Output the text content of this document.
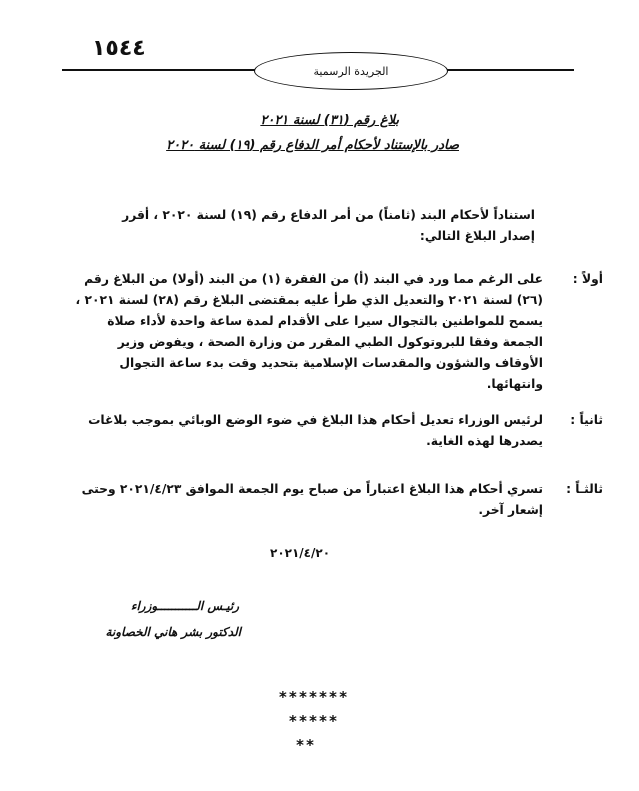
١٥٤٤
الجريدة الرسمية
بلاغ رقم (٣١) لسنة ٢٠٢١
صادر بالإستناد لأحكام أمر الدفاع رقم (١٩) لسنة ٢٠٢٠
استناداً لأحكام البند (ثامناً) من أمر الدفاع رقم (١٩) لسنة ٢٠٢٠ ، أقرر إصدار البلاغ التالي:
أولاً :
على الرغم مما ورد في البند (أ) من الفقرة (١) من البند (أولا) من البلاغ رقم (٢٦) لسنة ٢٠٢١ والتعديل الذي طرأ عليه بمقتضى البلاغ رقم (٢٨) لسنة ٢٠٢١ ، يسمح للمواطنين بالتجوال سيرا على الأقدام لمدة ساعة واحدة لأداء صلاة الجمعة وفقا للبروتوكول الطبي المقرر من وزارة الصحة ، ويفوض وزير الأوقاف والشؤون والمقدسات الإسلامية بتحديد وقت بدء ساعة التجوال وانتهائها.
ثانياً :
لرئيس الوزراء تعديل أحكام هذا البلاغ في ضوء الوضع الوبائي بموجب بلاغات يصدرها لهذه الغاية.
ثالثـاً :
تسري أحكام هذا البلاغ اعتباراً من صباح يوم الجمعة الموافق ٢٠٢١/٤/٢٣ وحتى إشعار آخر.
٢٠٢١/٤/٢٠
رئيـس الـــــــــــوزراء
الدكتور بشر هاني الخصاونة
*******
*****
**
